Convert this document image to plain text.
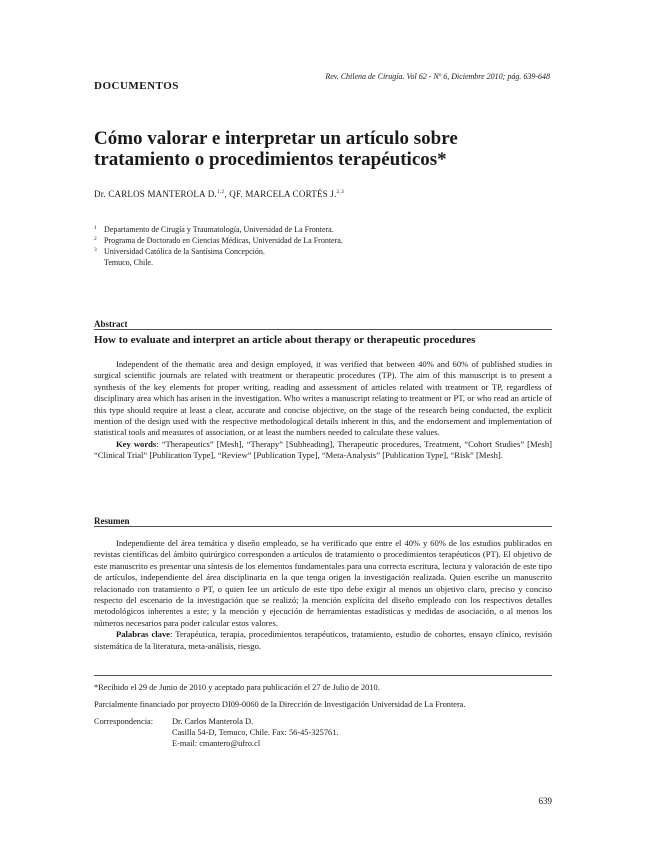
DOCUMENTOS
Rev. Chilena de Cirugía. Vol 62 - Nº 6, Diciembre 2010; pág. 639-648
Cómo valorar e interpretar un artículo sobre
tratamiento o procedimientos terapéuticos*
Dr. CARLOS MANTEROLA D.$^{1,2}$, QF. MARCELA CORTÉS J.$^{2,3}$
1 Departamento de Cirugía y Traumatología, Universidad de La Frontera.
2 Programa de Doctorado en Ciencias Médicas, Universidad de La Frontera.
3 Universidad Católica de la Santísima Concepción.
Temuco, Chile.
Abstract
How to evaluate and interpret an article about therapy or therapeutic procedures
Independent of the thematic area and design employed, it was verified that between 40% and 60% of published studies in surgical scientific journals are related with treatment or therapeutic procedures (TP). The aim of this manuscript is to present a synthesis of the key elements for proper writing, reading and assessment of articles related with treatment or TP, regardless of disciplinary area which has arisen in the investigation. Who writes a manuscript relating to treatment or PT, or who read an article of this type should require at least a clear, accurate and concise objective, on the stage of the research being conducted, the explicit mention of the design used with the respective methodological details inherent in this, and the endorsement and implementation of statistical tools and measures of association, or at least the numbers needed to calculate these values.
Key words: “Therapeutics” [Mesh], “Therapy” [Subheading], Therapeutic procedures, Treatment, “Cohort Studies” [Mesh] “Clinical Trial” [Publication Type], “Review” [Publication Type], “Meta-Analysis” [Publication Type], “Risk” [Mesh].
Resumen
Independiente del área temática y diseño empleado, se ha verificado que entre el 40% y 60% de los estudios publicados en revistas científicas del ámbito quirúrgico corresponden a artículos de tratamiento o procedimientos terapéuticos (PT). El objetivo de este manuscrito es presentar una síntesis de los elementos fundamentales para una correcta escritura, lectura y valoración de este tipo de artículos, independiente del área disciplinaria en la que tenga origen la investigación realizada. Quien escribe un manuscrito relacionado con tratamiento o PT, o quien lee un artículo de este tipo debe exigir al menos un objetivo claro, preciso y conciso respecto del escenario de la investigación que se realizó; la mención explícita del diseño empleado con los respectivos detalles metodológicos inherentes a este; y la mención y ejecución de herramientas estadísticas y medidas de asociación, o al menos los números necesarios para poder calcular estos valores.
Palabras clave: Terapéutica, terapia, procedimientos terapéuticos, tratamiento, estudio de cohortes, ensayo clínico, revisión sistemática de la literatura, meta-análisis, riesgo.

*Recibido el 29 de Junio de 2010 y aceptado para publicación el 27 de Julio de 2010.

Parcialmente financiado por proyecto DI09-0060 de la Dirección de Investigación Universidad de La Frontera.

Correspondencia:	Dr. Carlos Manterola D.
Casilla 54-D, Temuco, Chile. Fax: 56-45-325761.
E-mail: cmantero@ufro.cl
639
